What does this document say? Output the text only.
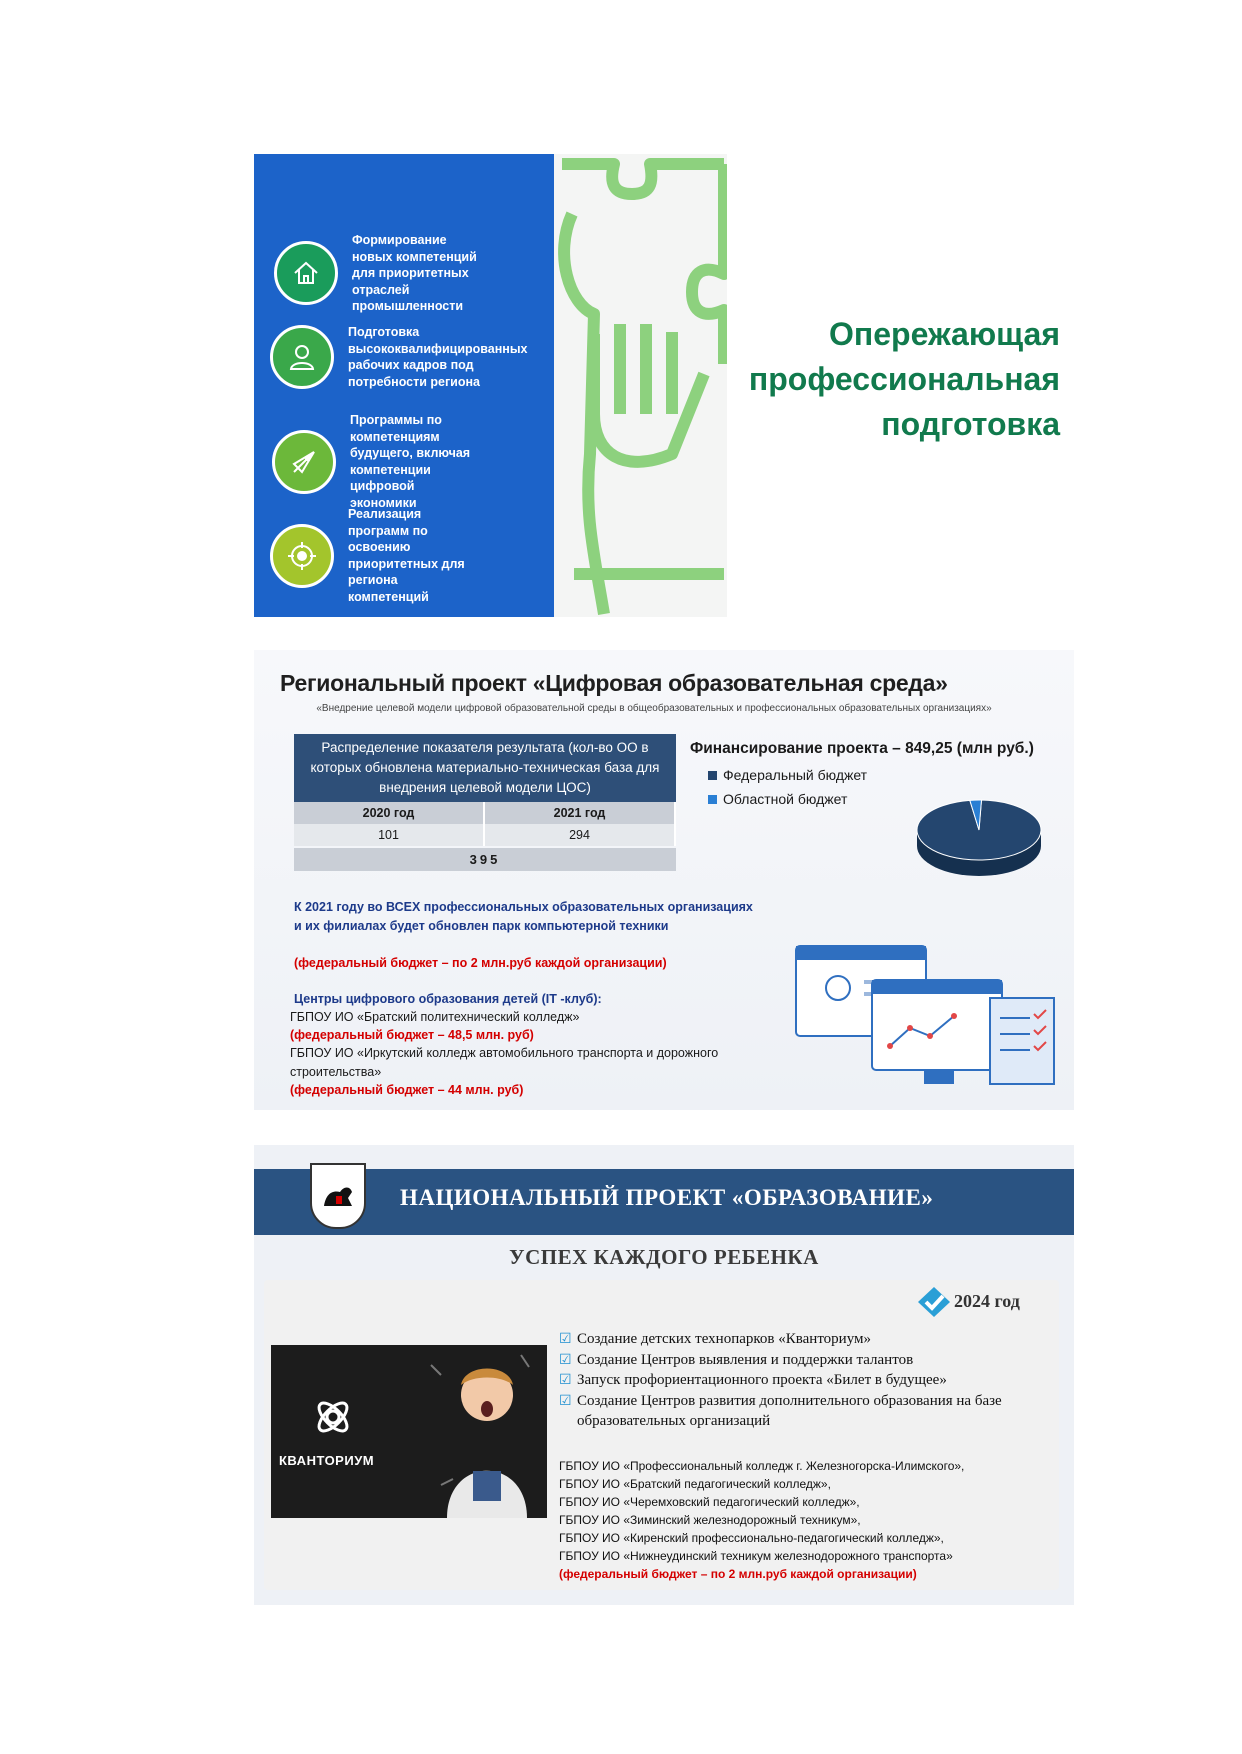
Формирование
новых компетенций
для приоритетных
отраслей
промышленности
Подготовка
высококвалифицированных
рабочих кадров под
потребности региона
Программы по
компетенциям
будущего, включая
компетенции
цифровой
экономики
Реализация
программ по
освоению
приоритетных для
региона
компетенций
Опережающая
профессиональная
подготовка
Региональный проект «Цифровая образовательная среда»
«Внедрение целевой модели цифровой образовательной среды в общеобразовательных и профессиональных образовательных организациях»
Распределение показателя результата (кол-во ОО в которых обновлена материально-техническая база для внедрения целевой модели ЦОС)
2020 год	2021 год
101	294
395
Финансирование проекта – 849,25 (млн руб.)
Федеральный бюджет
Областной бюджет
К 2021 году во ВСЕХ профессиональных образовательных организациях и их филиалах будет обновлен парк компьютерной техники
(федеральный бюджет – по 2 млн.руб каждой организации)
Центры цифрового образования детей (IT -клуб):
ГБПОУ ИО «Братский политехнический колледж»
(федеральный бюджет – 48,5 млн. руб)
ГБПОУ ИО «Иркутский колледж автомобильного транспорта и дорожного строительства»
(федеральный бюджет – 44 млн. руб)
НАЦИОНАЛЬНЫЙ ПРОЕКТ «ОБРАЗОВАНИЕ»
УСПЕХ КАЖДОГО РЕБЕНКА
2024 год
КВАНТОРИУМ
☑ Создание детских технопарков «Кванториум»
☑ Создание Центров выявления и поддержки талантов
☑ Запуск профориентационного проекта «Билет в будущее»
☑ Создание Центров развития дополнительного образования на базе образовательных организаций
ГБПОУ ИО «Профессиональный колледж г. Железногорска-Илимского»,
ГБПОУ ИО «Братский педагогический колледж»,
ГБПОУ ИО «Черемховский педагогический колледж»,
ГБПОУ ИО «Зиминский железнодорожный техникум»,
ГБПОУ ИО «Киренский профессионально-педагогический колледж»,
ГБПОУ ИО «Нижнеудинский техникум железнодорожного транспорта»
(федеральный бюджет – по 2 млн.руб каждой организации)
